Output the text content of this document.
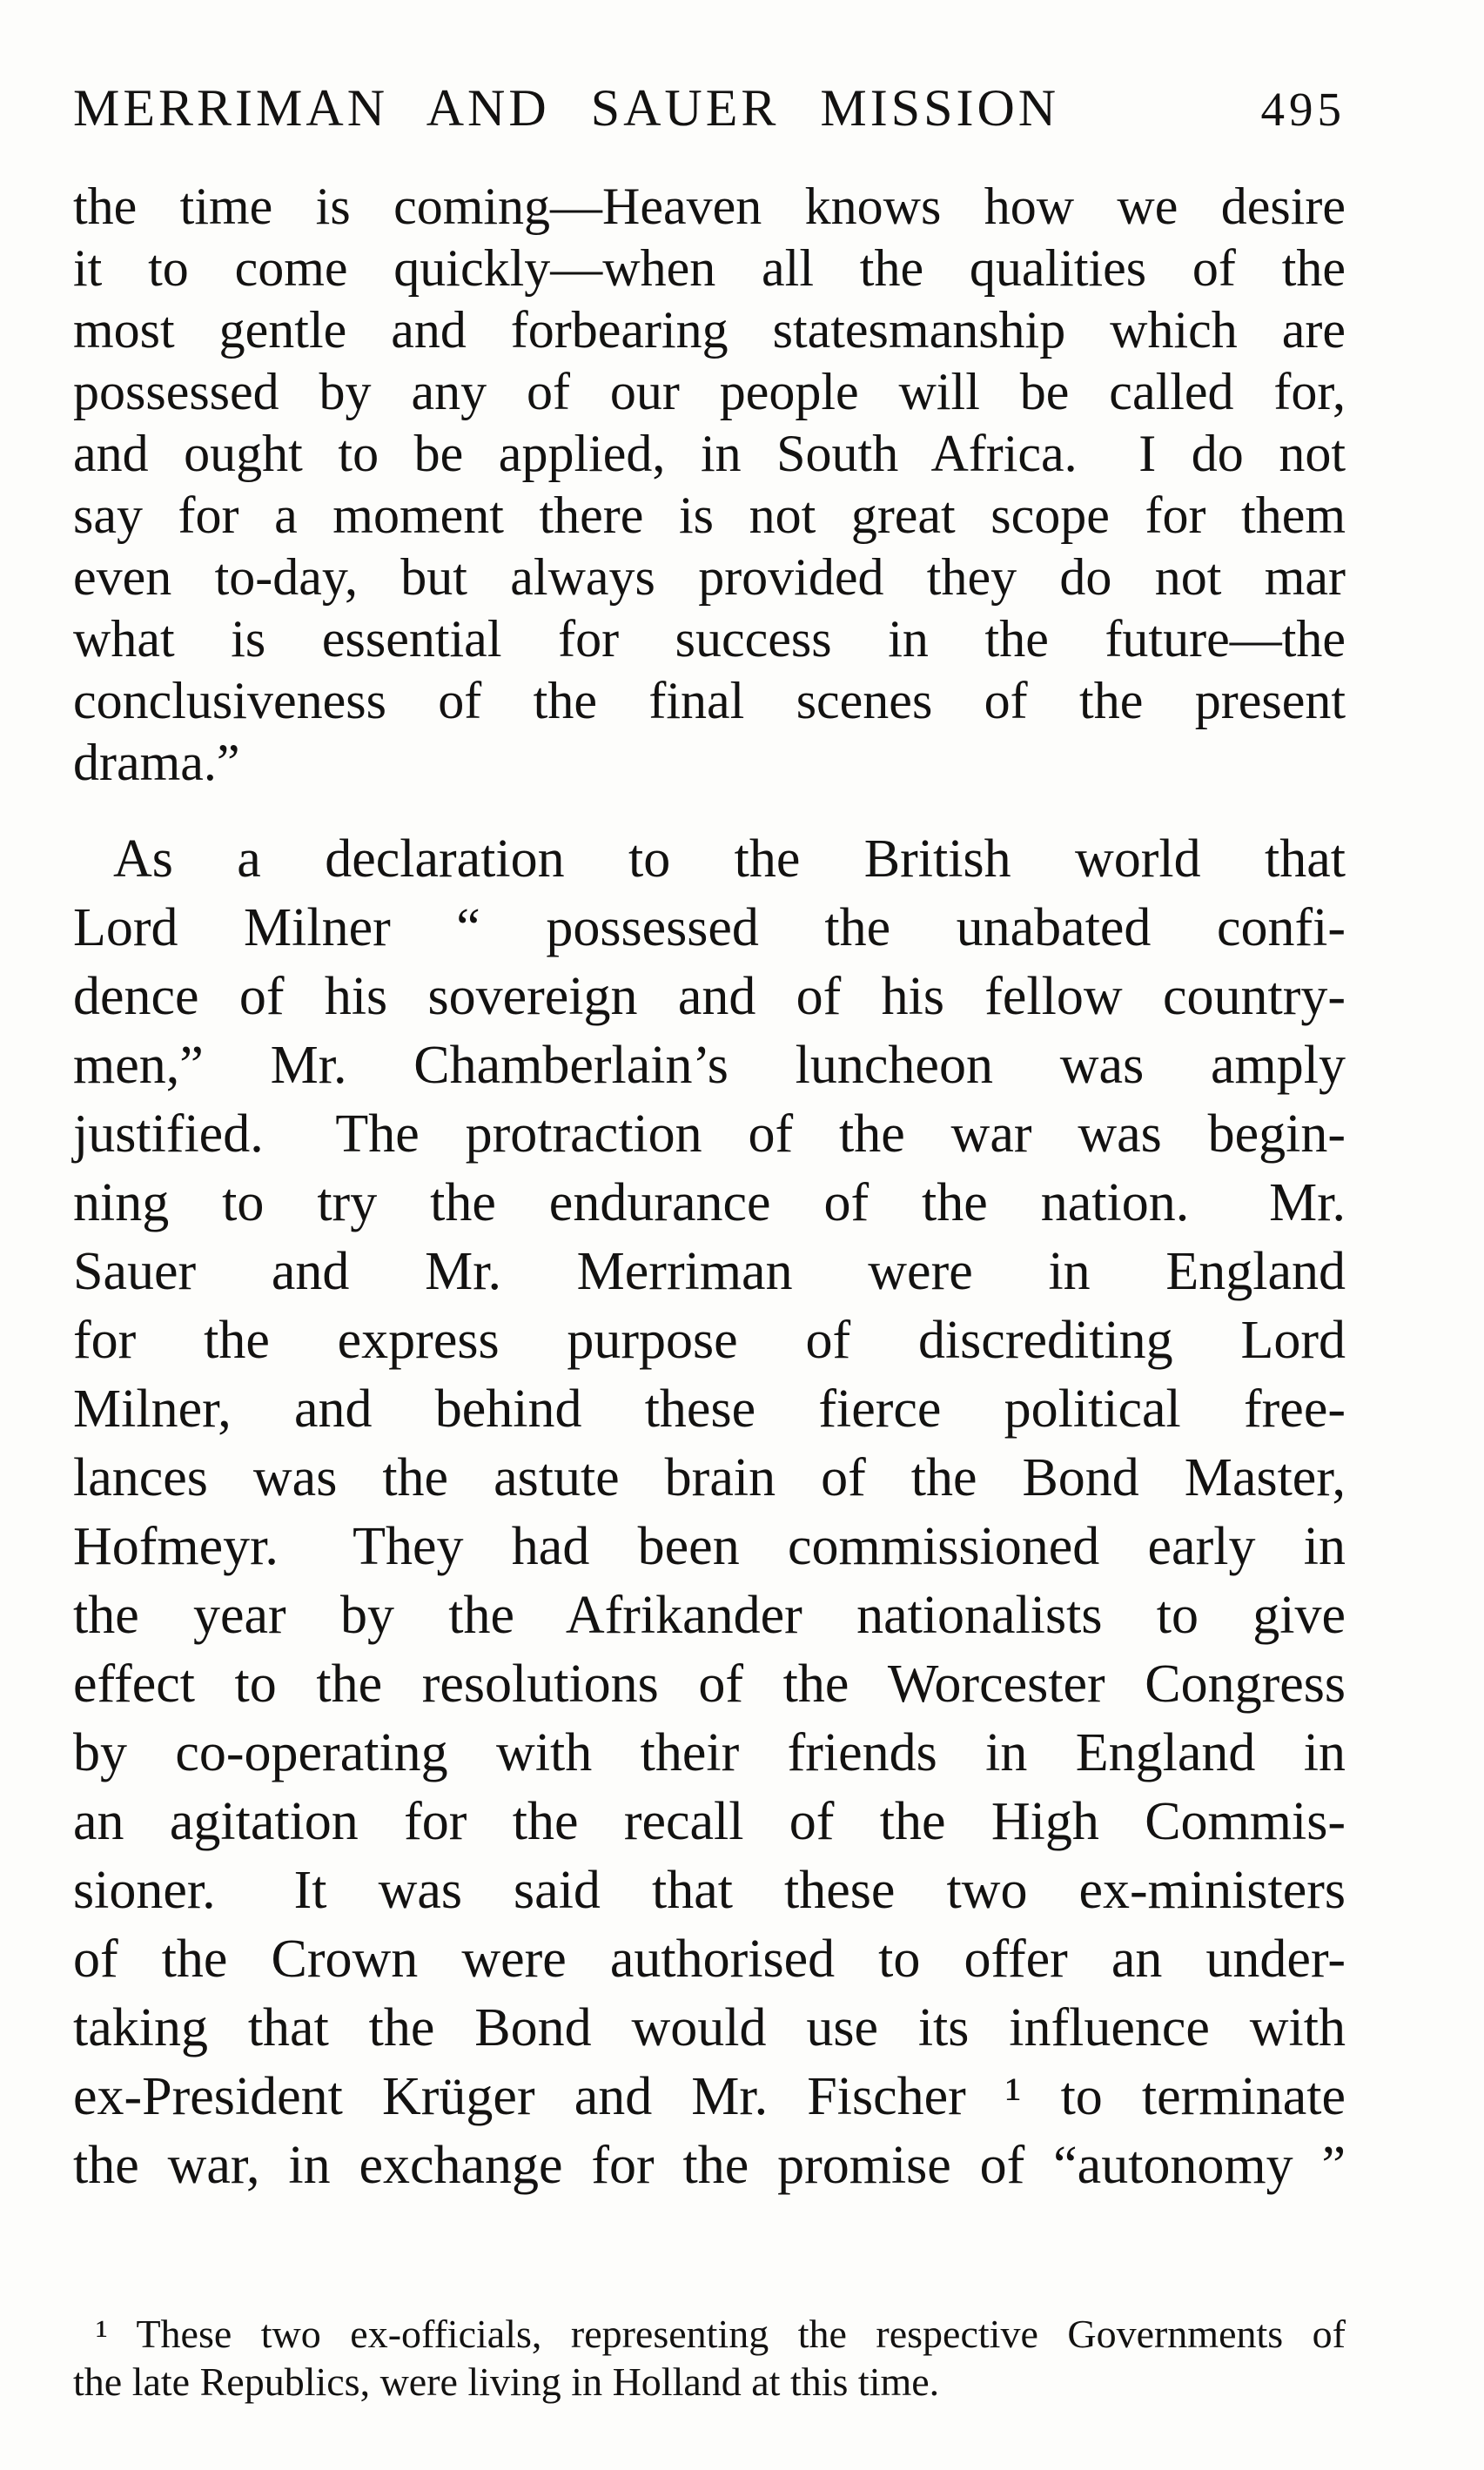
MERRIMAN AND SAUER MISSION	495
the time is coming—Heaven knows how we desire
it to come quickly—when all the qualities of the
most gentle and forbearing statesmanship which are
possessed by any of our people will be called for,
and ought to be applied, in South Africa.  I do not
say for a moment there is not great scope for them
even to-day, but always provided they do not mar
what is essential for success in the future—the
conclusiveness of the final scenes of the present
drama.”
As a declaration to the British world that
Lord Milner “ possessed the unabated confi-
dence of his sovereign and of his fellow country-
men,” Mr. Chamberlain’s luncheon was amply
justified.  The protraction of the war was begin-
ning to try the endurance of the nation.  Mr.
Sauer and Mr. Merriman were in England
for the express purpose of discrediting Lord
Milner, and behind these fierce political free-
lances was the astute brain of the Bond Master,
Hofmeyr.  They had been commissioned early in
the year by the Afrikander nationalists to give
effect to the resolutions of the Worcester Congress
by co-operating with their friends in England in
an agitation for the recall of the High Commis-
sioner.  It was said that these two ex-ministers
of the Crown were authorised to offer an under-
taking that the Bond would use its influence with
ex-President Krüger and Mr. Fischer ¹ to terminate
the war, in exchange for the promise of “autonomy ”
¹ These two ex-officials, representing the respective Governments of
the late Republics, were living in Holland at this time.
